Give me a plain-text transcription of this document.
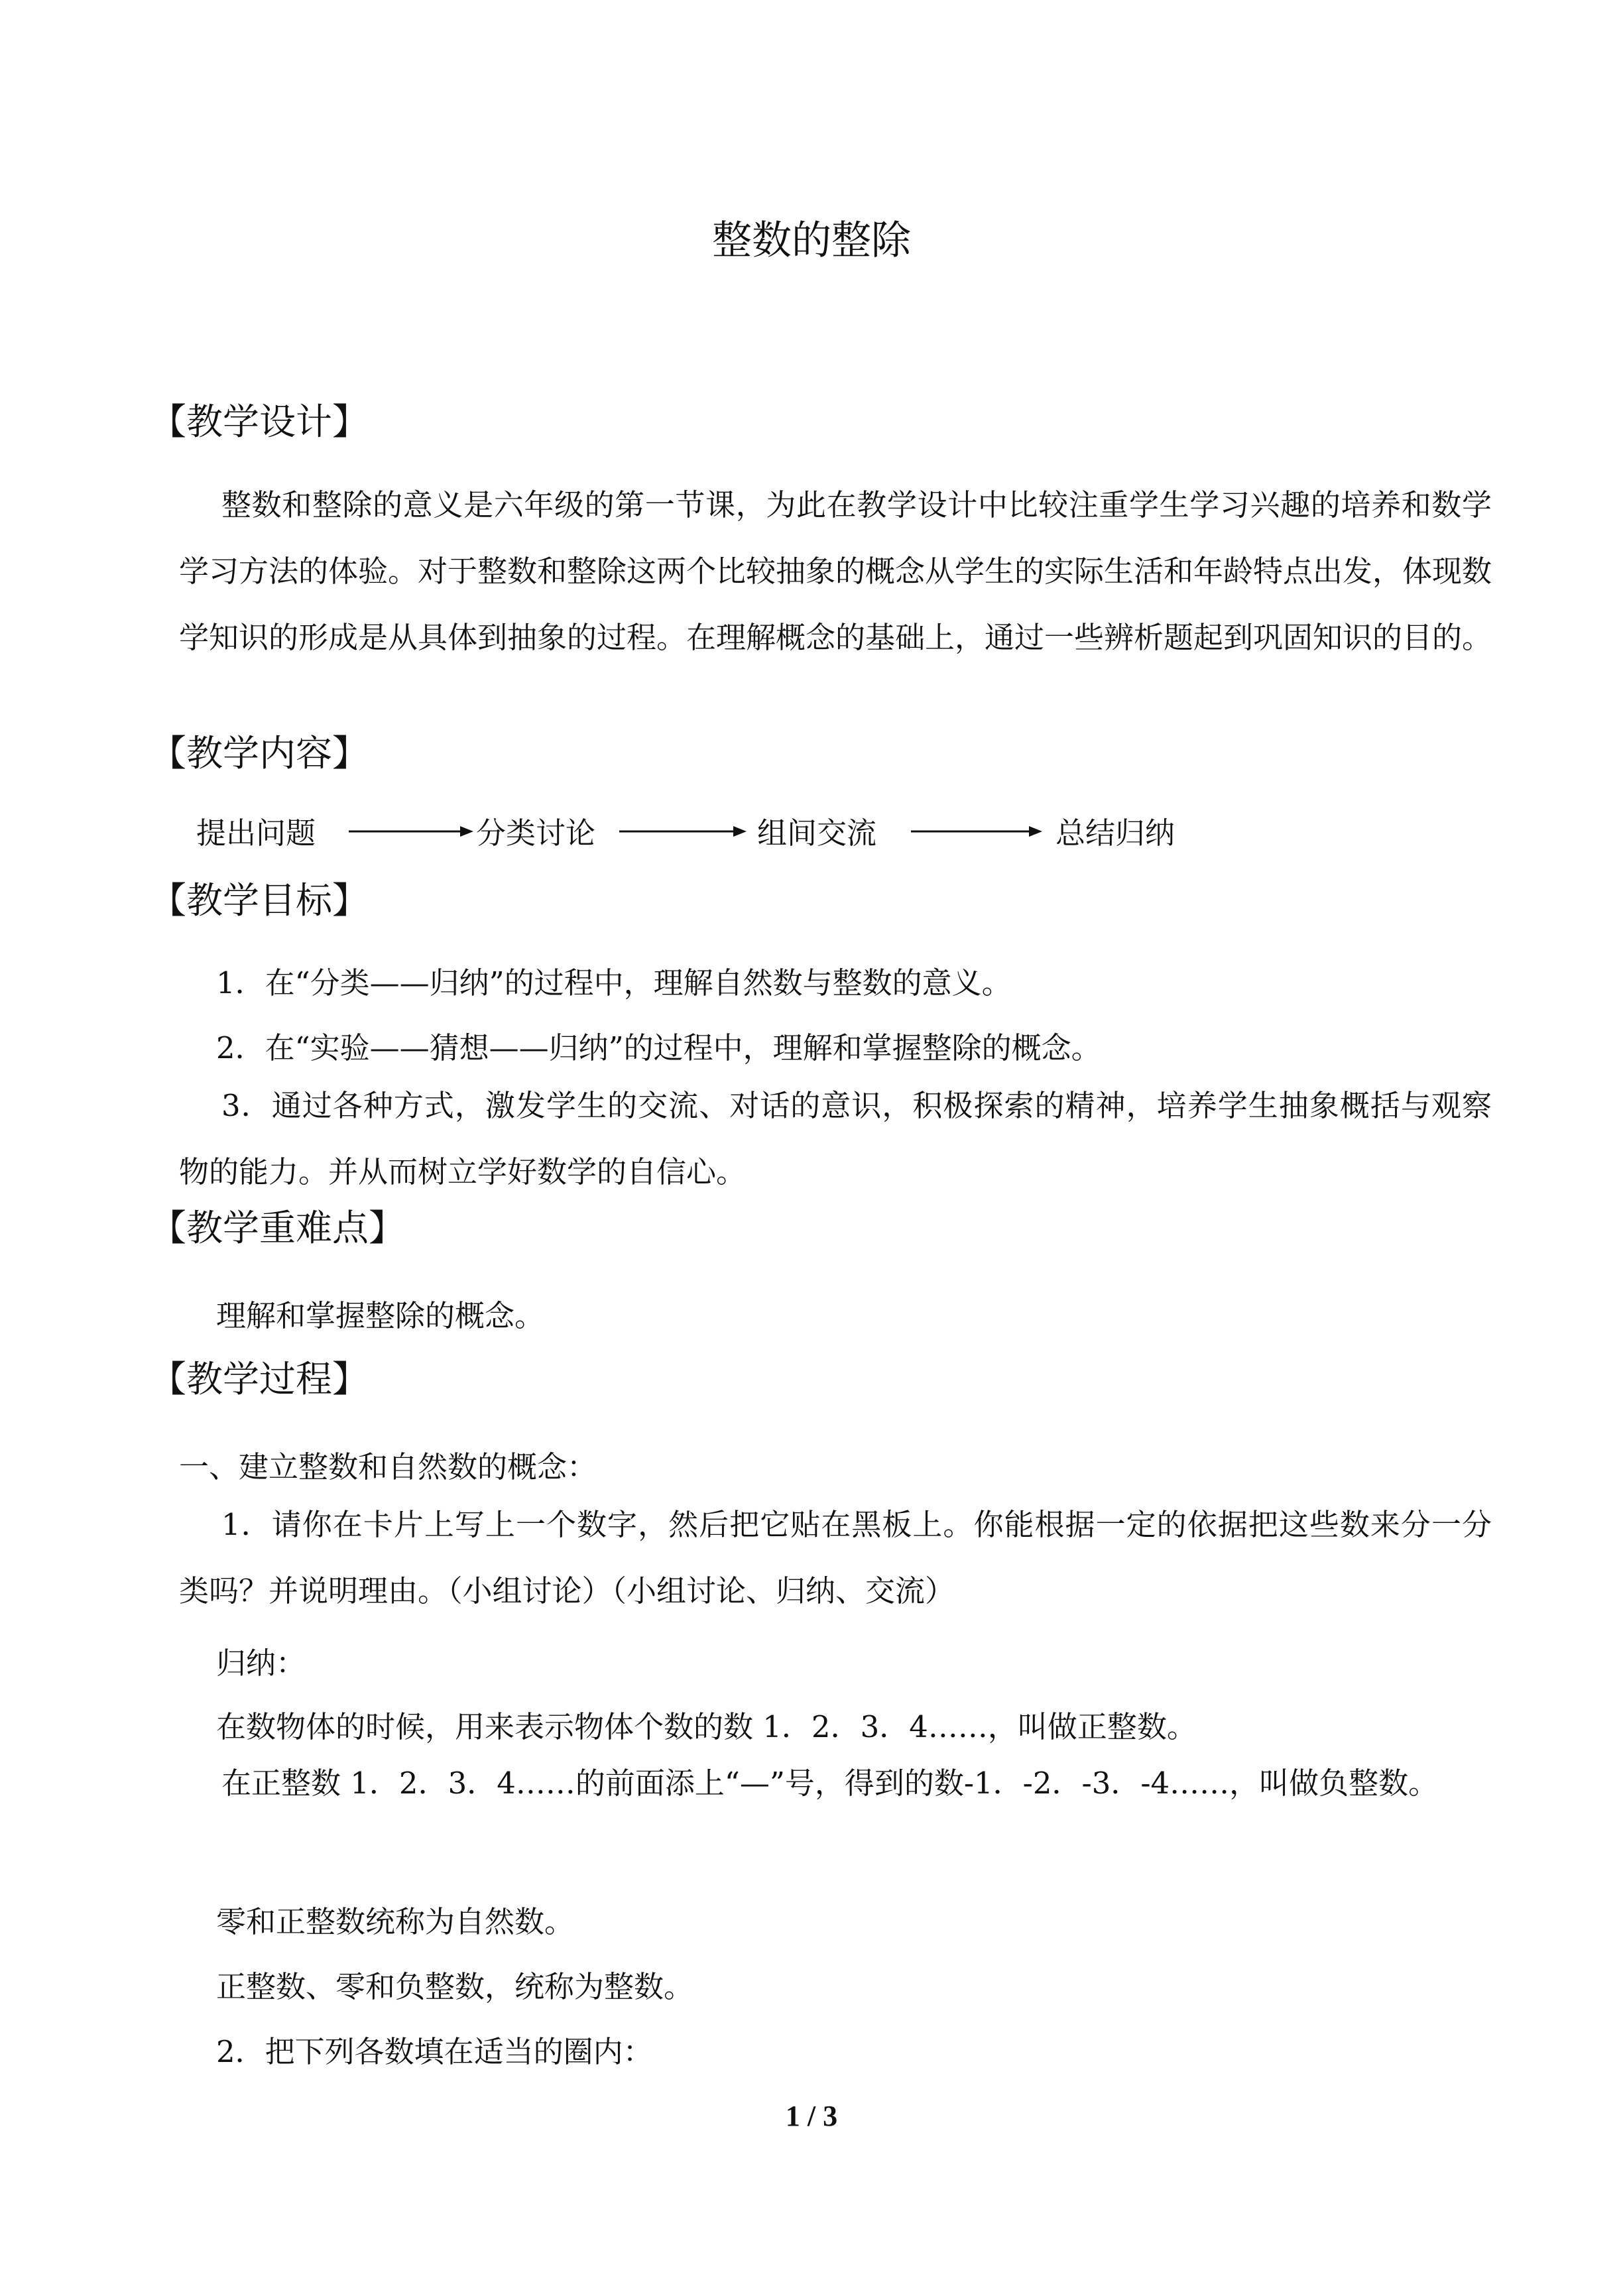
整数的整除
【教学设计】
整数和整除的意义是六年级的第一节课，为此在教学设计中比较注重学生学习兴趣的培养和数学学习方法的体验。对于整数和整除这两个比较抽象的概念从学生的实际生活和年龄特点出发，体现数学知识的形成是从具体到抽象的过程。在理解概念的基础上，通过一些辨析题起到巩固知识的目的。
【教学内容】
提出问题	分类讨论	组间交流	总结归纳
【教学目标】
1．在“分类——归纳”的过程中，理解自然数与整数的意义。
2．在“实验——猜想——归纳”的过程中，理解和掌握整除的概念。
3．通过各种方式，激发学生的交流、对话的意识，积极探索的精神，培养学生抽象概括与观察物的能力。并从而树立学好数学的自信心。
【教学重难点】
理解和掌握整除的概念。
【教学过程】
一、建立整数和自然数的概念：
1．请你在卡片上写上一个数字，然后把它贴在黑板上。你能根据一定的依据把这些数来分一分类吗？并说明理由。（小组讨论）（小组讨论、归纳、交流）
归纳：
在数物体的时候，用来表示物体个数的数 1．2．3．4……，叫做正整数。
在正整数 1．2．3．4……的前面添上“—”号，得到的数-1．-2．-3．-4……，叫做负整数。
零和正整数统称为自然数。
正整数、零和负整数，统称为整数。
2．把下列各数填在适当的圈内：
1 / 3
